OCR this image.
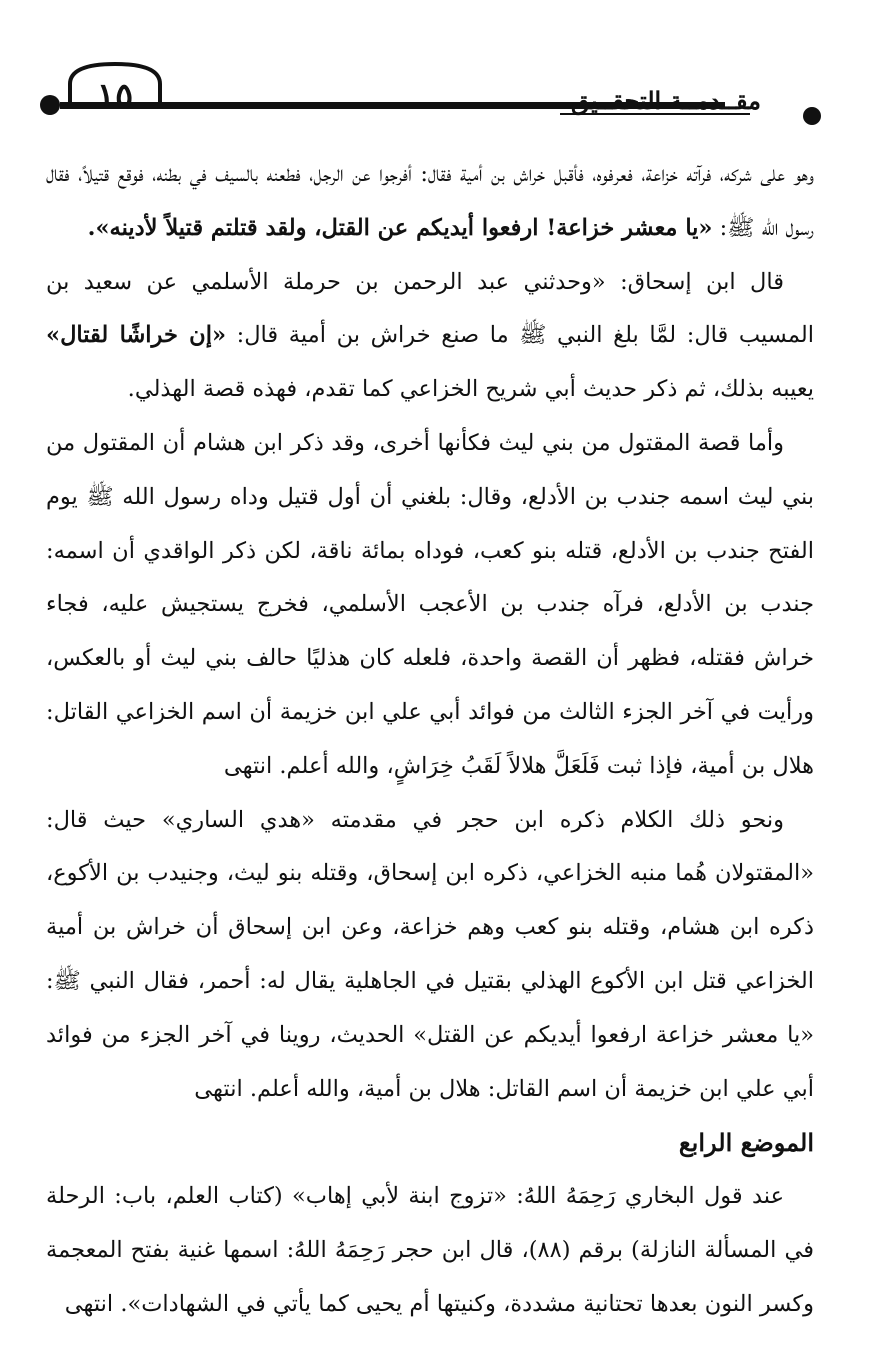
١٥	مقــدمــة التحقــيق

وهو على شركه، فرآته خزاعة، فعرفوه، فأقبل خراش بن أمية فقال: أفرجوا عن الرجل، فطعنه بالسيف في بطنه، فوقع قتيلاً، فقال رسول الله ﷺ: «يا معشر خزاعة! ارفعوا أيديكم عن القتل، ولقد قتلتم قتيلاً لأدينه».

قال ابن إسحاق: «وحدثني عبد الرحمن بن حرملة الأسلمي عن سعيد بن المسيب قال: لمَّا بلغ النبي ﷺ ما صنع خراش بن أمية قال: «إن خراشًا لقتال» يعيبه بذلك، ثم ذكر حديث أبي شريح الخزاعي كما تقدم، فهذه قصة الهذلي.

وأما قصة المقتول من بني ليث فكأنها أخرى، وقد ذكر ابن هشام أن المقتول من بني ليث اسمه جندب بن الأدلع، وقال: بلغني أن أول قتيل وداه رسول الله ﷺ يوم الفتح جندب بن الأدلع، قتله بنو كعب، فوداه بمائة ناقة، لكن ذكر الواقدي أن اسمه: جندب بن الأدلع، فرآه جندب بن الأعجب الأسلمي، فخرج يستجيش عليه، فجاء خراش فقتله، فظهر أن القصة واحدة، فلعله كان هذليًا حالف بني ليث أو بالعكس، ورأيت في آخر الجزء الثالث من فوائد أبي علي ابن خزيمة أن اسم الخزاعي القاتل: هلال بن أمية، فإذا ثبت فَلَعَلَّ هلالاً لَقَبُ خِرَاشٍ، والله أعلم. انتهى

ونحو ذلك الكلام ذكره ابن حجر في مقدمته «هدي الساري» حيث قال: «المقتولان هُما منبه الخزاعي، ذكره ابن إسحاق، وقتله بنو ليث، وجنيدب بن الأكوع، ذكره ابن هشام، وقتله بنو كعب وهم خزاعة، وعن ابن إسحاق أن خراش بن أمية الخزاعي قتل ابن الأكوع الهذلي بقتيل في الجاهلية يقال له: أحمر، فقال النبي ﷺ: «يا معشر خزاعة ارفعوا أيديكم عن القتل» الحديث، روينا في آخر الجزء من فوائد أبي علي ابن خزيمة أن اسم القاتل: هلال بن أمية، والله أعلم. انتهى

الموضع الرابع

عند قول البخاري رَحِمَهُ اللهُ: «تزوج ابنة لأبي إهاب» (كتاب العلم، باب: الرحلة في المسألة النازلة) برقم (٨٨)، قال ابن حجر رَحِمَهُ اللهُ: اسمها غنية بفتح المعجمة وكسر النون بعدها تحتانية مشددة، وكنيتها أم يحيى كما يأتي في الشهادات». انتهى
